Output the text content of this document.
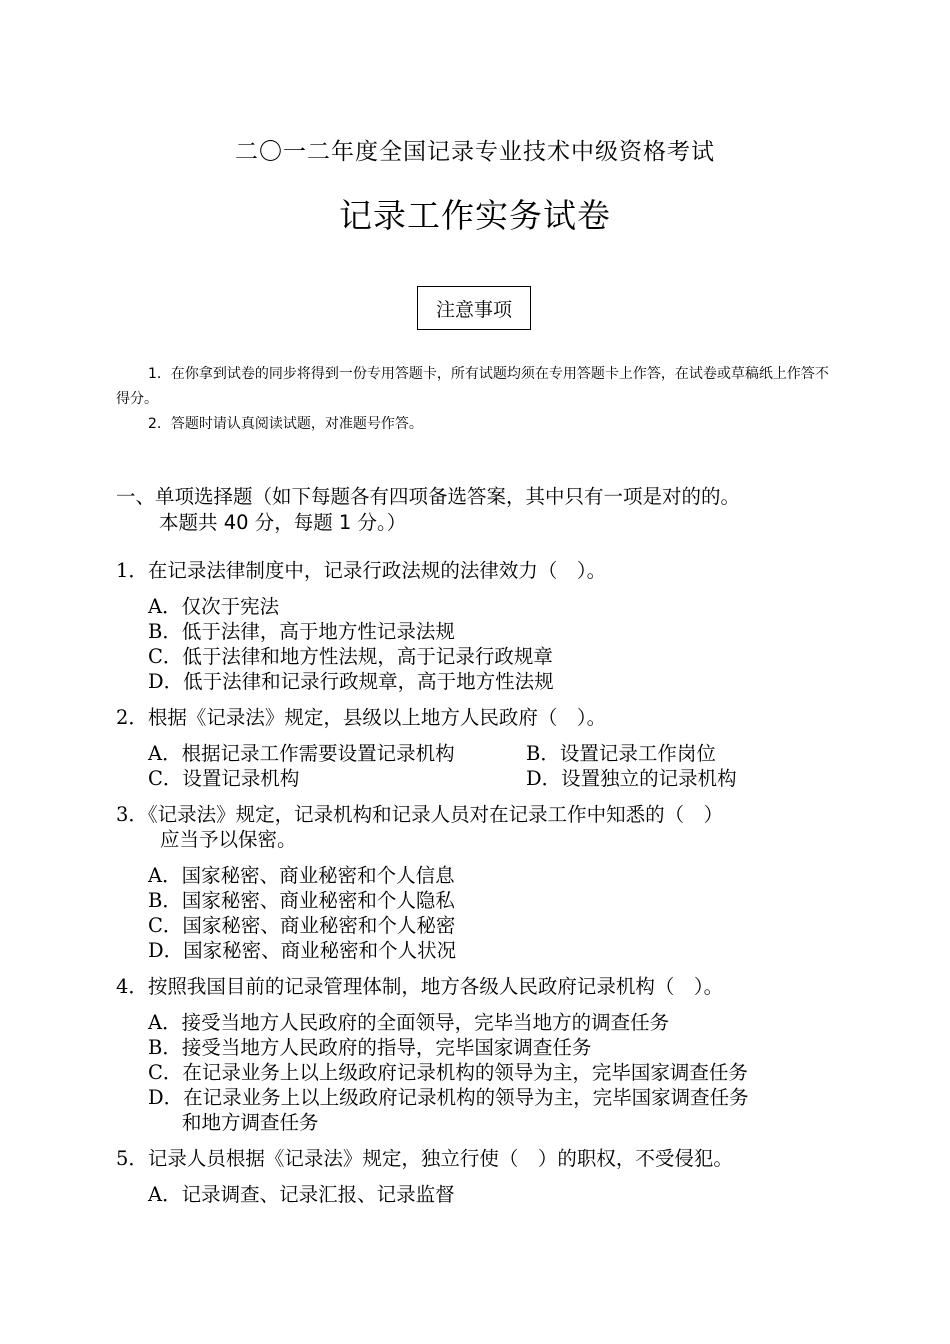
二〇一二年度全国记录专业技术中级资格考试
记录工作实务试卷
注意事项

1．在你拿到试卷的同步将得到一份专用答题卡，所有试题均须在专用答题卡上作答，在试卷或草稿纸上作答不得分。

2．答题时请认真阅读试题，对准题号作答。

一、单项选择题（如下每题各有四项备选答案，其中只有一项是对的的。
本题共 40 分，每题 1 分。）
1．在记录法律制度中，记录行政法规的法律效力（　）。
A．仅次于宪法
B．低于法律，高于地方性记录法规
C．低于法律和地方性法规，高于记录行政规章
D．低于法律和记录行政规章，高于地方性法规
2．根据《记录法》规定，县级以上地方人民政府（　）。
A．根据记录工作需要设置记录机构	B．设置记录工作岗位
C．设置记录机构	D．设置独立的记录机构
3．《记录法》规定，记录机构和记录人员对在记录工作中知悉的（　）
应当予以保密。
A．国家秘密、商业秘密和个人信息
B．国家秘密、商业秘密和个人隐私
C．国家秘密、商业秘密和个人秘密
D．国家秘密、商业秘密和个人状况
4．按照我国目前的记录管理体制，地方各级人民政府记录机构（　）。
A．接受当地方人民政府的全面领导，完毕当地方的调查任务
B．接受当地方人民政府的指导，完毕国家调查任务
C．在记录业务上以上级政府记录机构的领导为主，完毕国家调查任务
D．在记录业务上以上级政府记录机构的领导为主，完毕国家调查任务
和地方调查任务
5．记录人员根据《记录法》规定，独立行使（　）的职权，不受侵犯。
A．记录调查、记录汇报、记录监督
